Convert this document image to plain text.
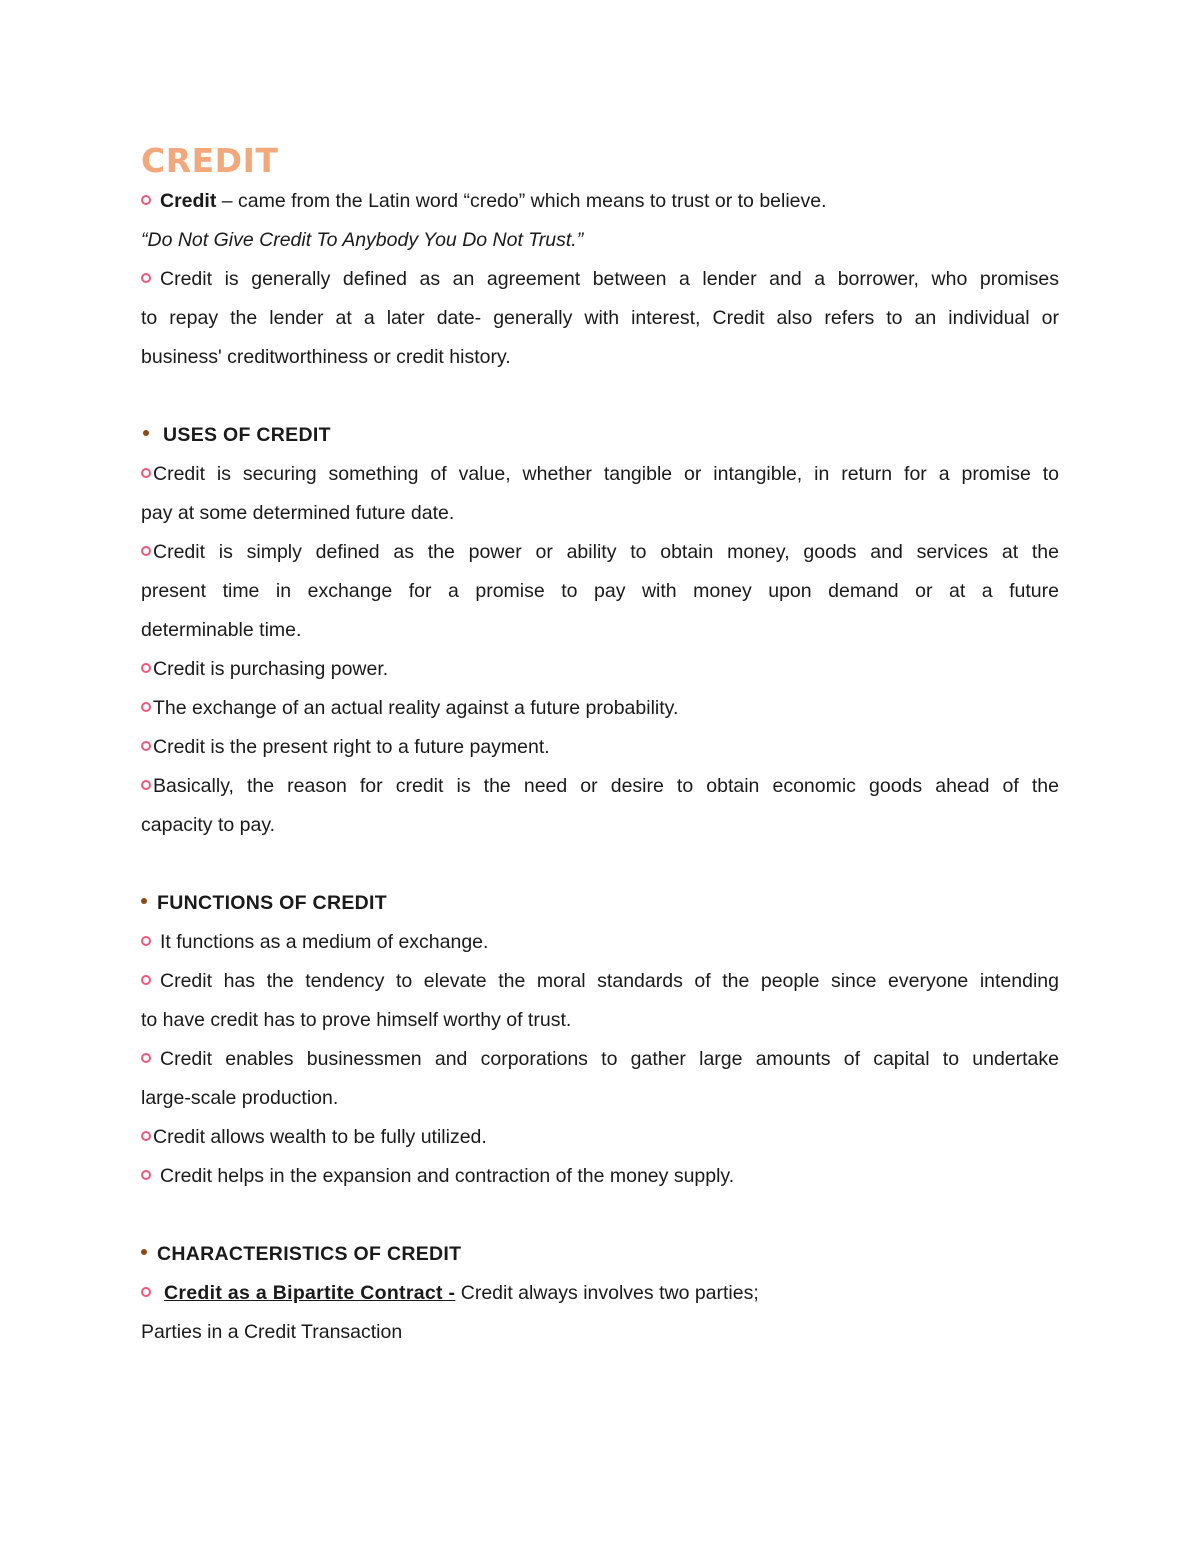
CREDIT
Credit – came from the Latin word “credo” which means to trust or to believe.
“Do Not Give Credit To Anybody You Do Not Trust.”
Credit is generally defined as an agreement between a lender and a borrower, who promises
to repay the lender at a later date- generally with interest, Credit also refers to an individual or
business' creditworthiness or credit history.
USES OF CREDIT
Credit is securing something of value, whether tangible or intangible, in return for a promise to
pay at some determined future date.
Credit is simply defined as the power or ability to obtain money, goods and services at the
present time in exchange for a promise to pay with money upon demand or at a future
determinable time.
Credit is purchasing power.
The exchange of an actual reality against a future probability.
Credit is the present right to a future payment.
Basically, the reason for credit is the need or desire to obtain economic goods ahead of the
capacity to pay.
FUNCTIONS OF CREDIT
It functions as a medium of exchange.
Credit has the tendency to elevate the moral standards of the people since everyone intending
to have credit has to prove himself worthy of trust.
Credit enables businessmen and corporations to gather large amounts of capital to undertake
large-scale production.
Credit allows wealth to be fully utilized.
Credit helps in the expansion and contraction of the money supply.
CHARACTERISTICS OF CREDIT
Credit as a Bipartite Contract - Credit always involves two parties;
Parties in a Credit Transaction
